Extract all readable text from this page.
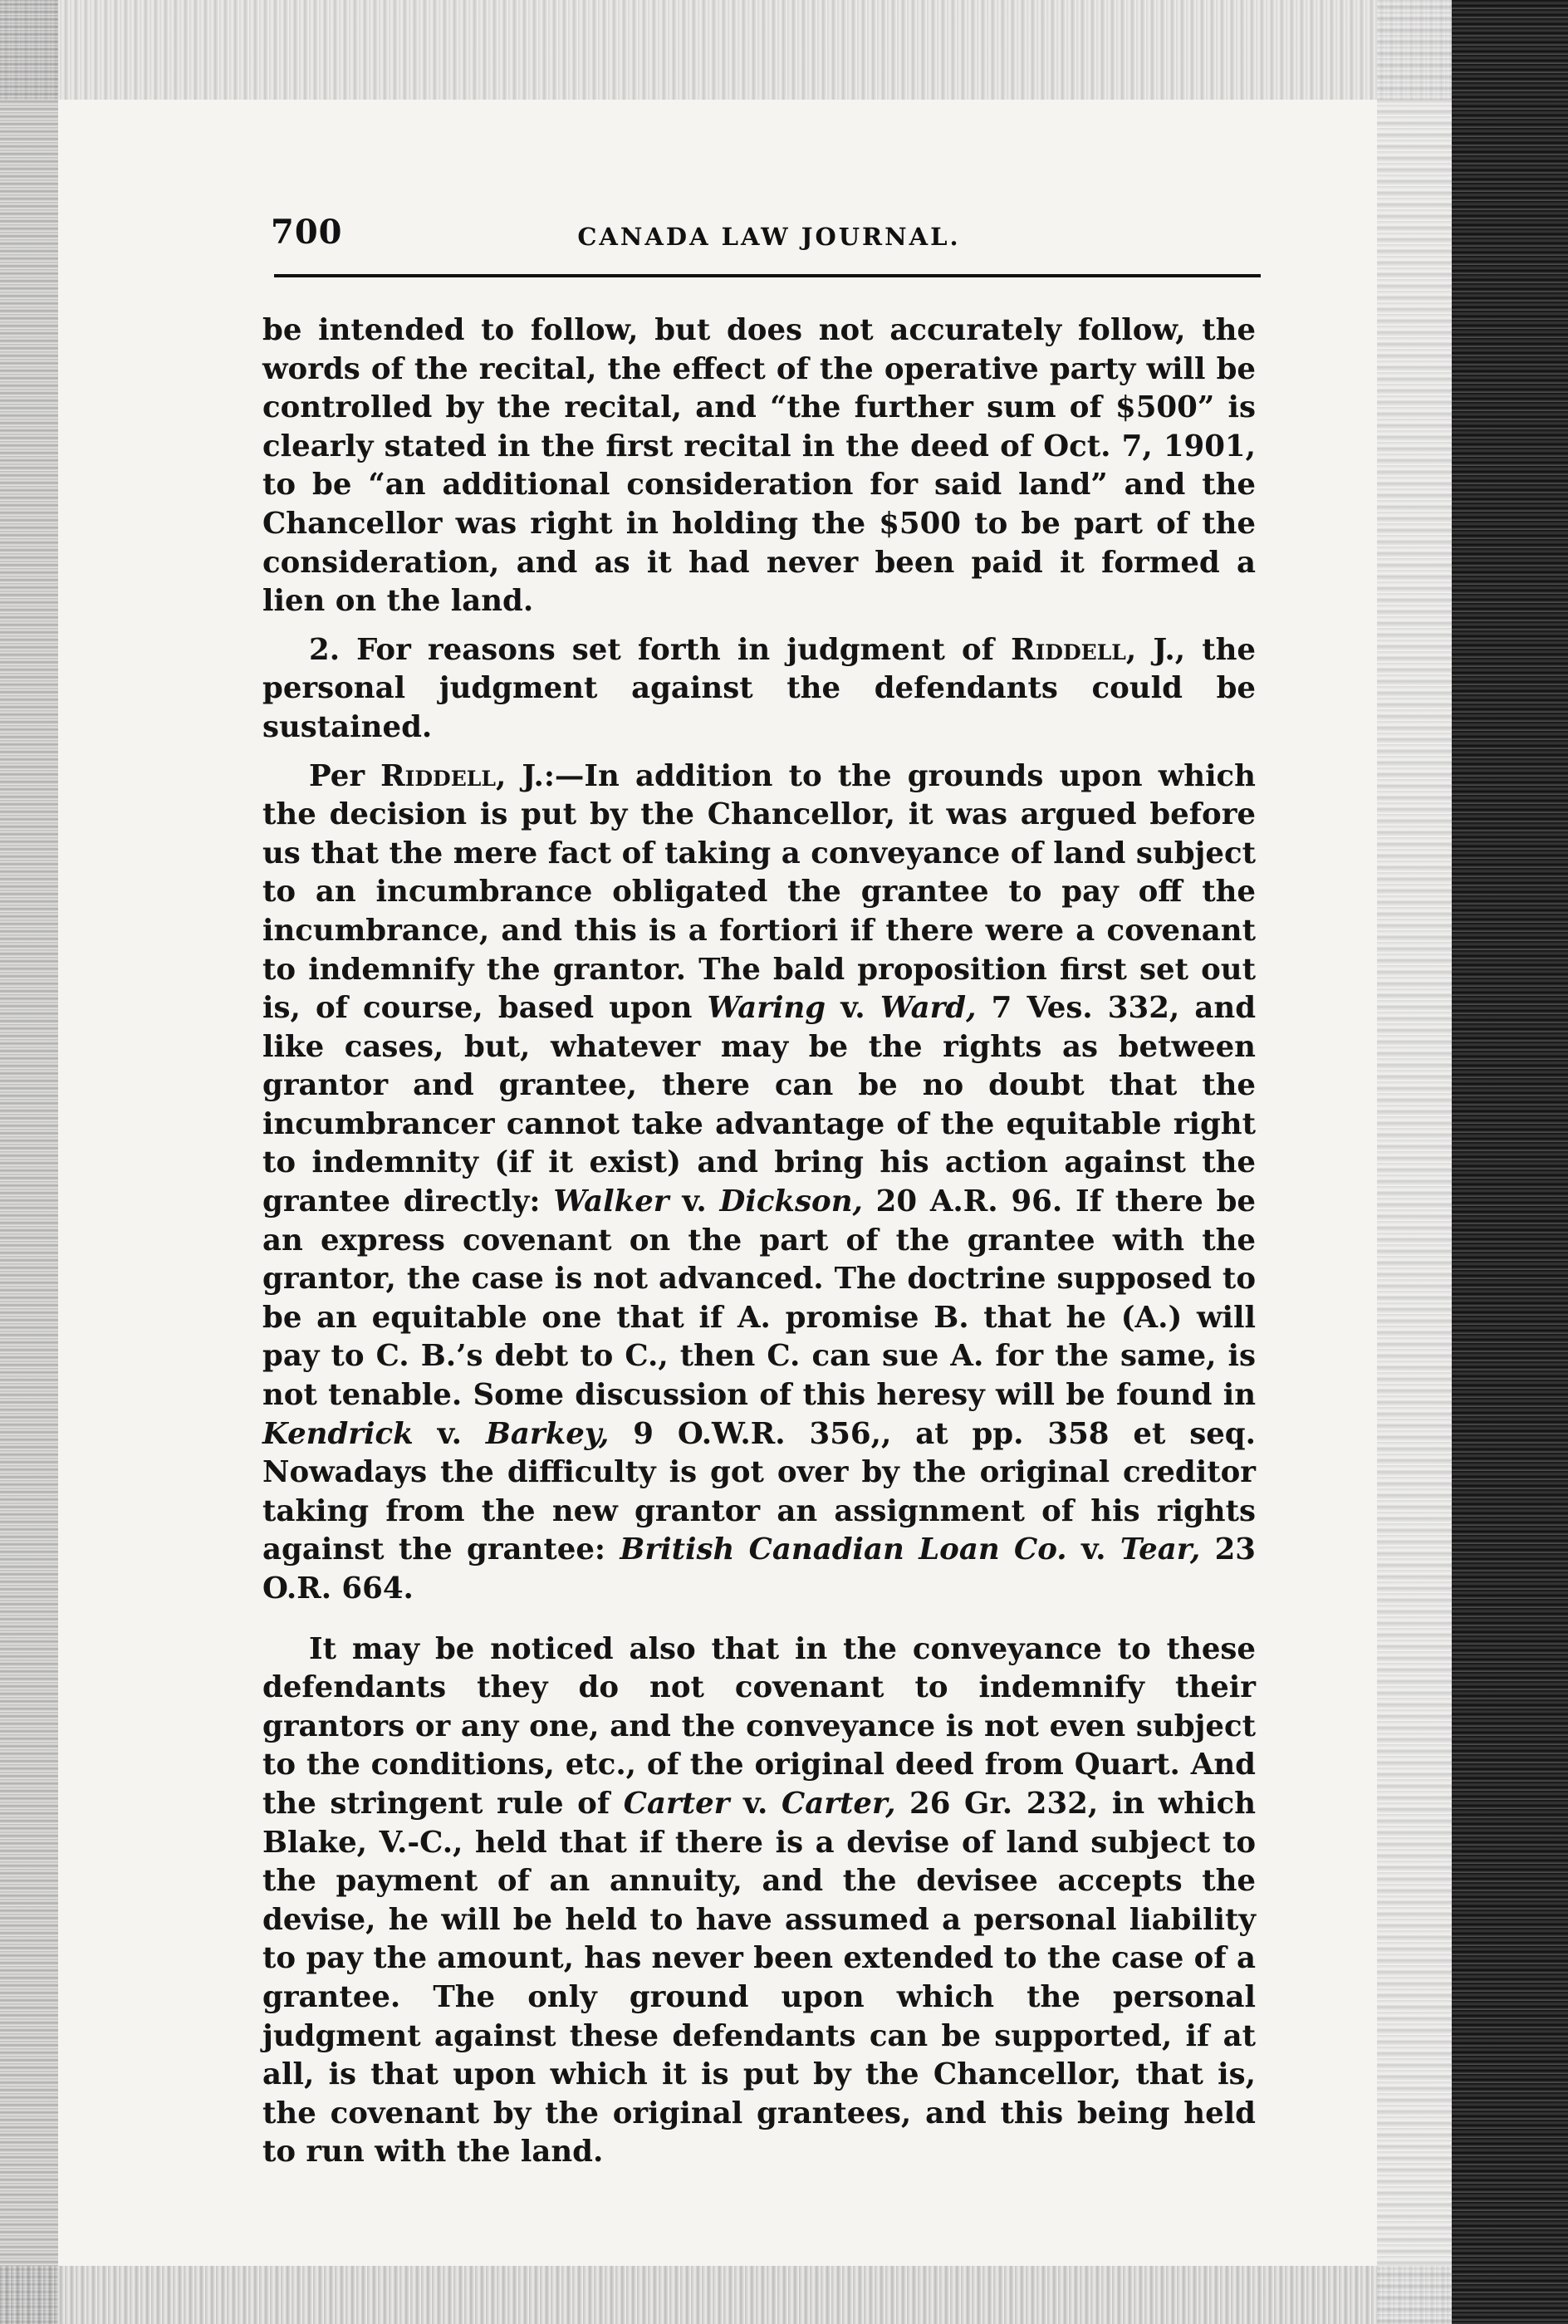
700	CANADA LAW JOURNAL.

be intended to follow, but does not accurately follow, the words of the recital, the effect of the operative party will be controlled by the recital, and “the further sum of $500” is clearly stated in the first recital in the deed of Oct. 7, 1901, to be “an additional consideration for said land” and the Chancellor was right in holding the $500 to be part of the consideration, and as it had never been paid it formed a lien on the land.

2. For reasons set forth in judgment of Riddell, J., the personal judgment against the defendants could be sustained.

Per Riddell, J.:—In addition to the grounds upon which the decision is put by the Chancellor, it was argued before us that the mere fact of taking a conveyance of land subject to an incumbrance obligated the grantee to pay off the incumbrance, and this is a fortiori if there were a covenant to indemnify the grantor. The bald proposition first set out is, of course, based upon Waring v. Ward, 7 Ves. 332, and like cases, but, whatever may be the rights as between grantor and grantee, there can be no doubt that the incumbrancer cannot take advantage of the equitable right to indemnity (if it exist) and bring his action against the grantee directly: Walker v. Dickson, 20 A.R. 96. If there be an express covenant on the part of the grantee with the grantor, the case is not advanced. The doctrine supposed to be an equitable one that if A. promise B. that he (A.) will pay to C. B.’s debt to C., then C. can sue A. for the same, is not tenable. Some discussion of this heresy will be found in Kendrick v. Barkey, 9 O.W.R. 356,, at pp. 358 et seq. Nowadays the difficulty is got over by the original creditor taking from the new grantor an assignment of his rights against the grantee: British Canadian Loan Co. v. Tear, 23 O.R. 664.

It may be noticed also that in the conveyance to these defendants they do not covenant to indemnify their grantors or any one, and the conveyance is not even subject to the conditions, etc., of the original deed from Quart. And the stringent rule of Carter v. Carter, 26 Gr. 232, in which Blake, V.-C., held that if there is a devise of land subject to the payment of an annuity, and the devisee accepts the devise, he will be held to have assumed a personal liability to pay the amount, has never been extended to the case of a grantee. The only ground upon which the personal judgment against these defendants can be supported, if at all, is that upon which it is put by the Chancellor, that is, the covenant by the original grantees, and this being held to run with the land.
